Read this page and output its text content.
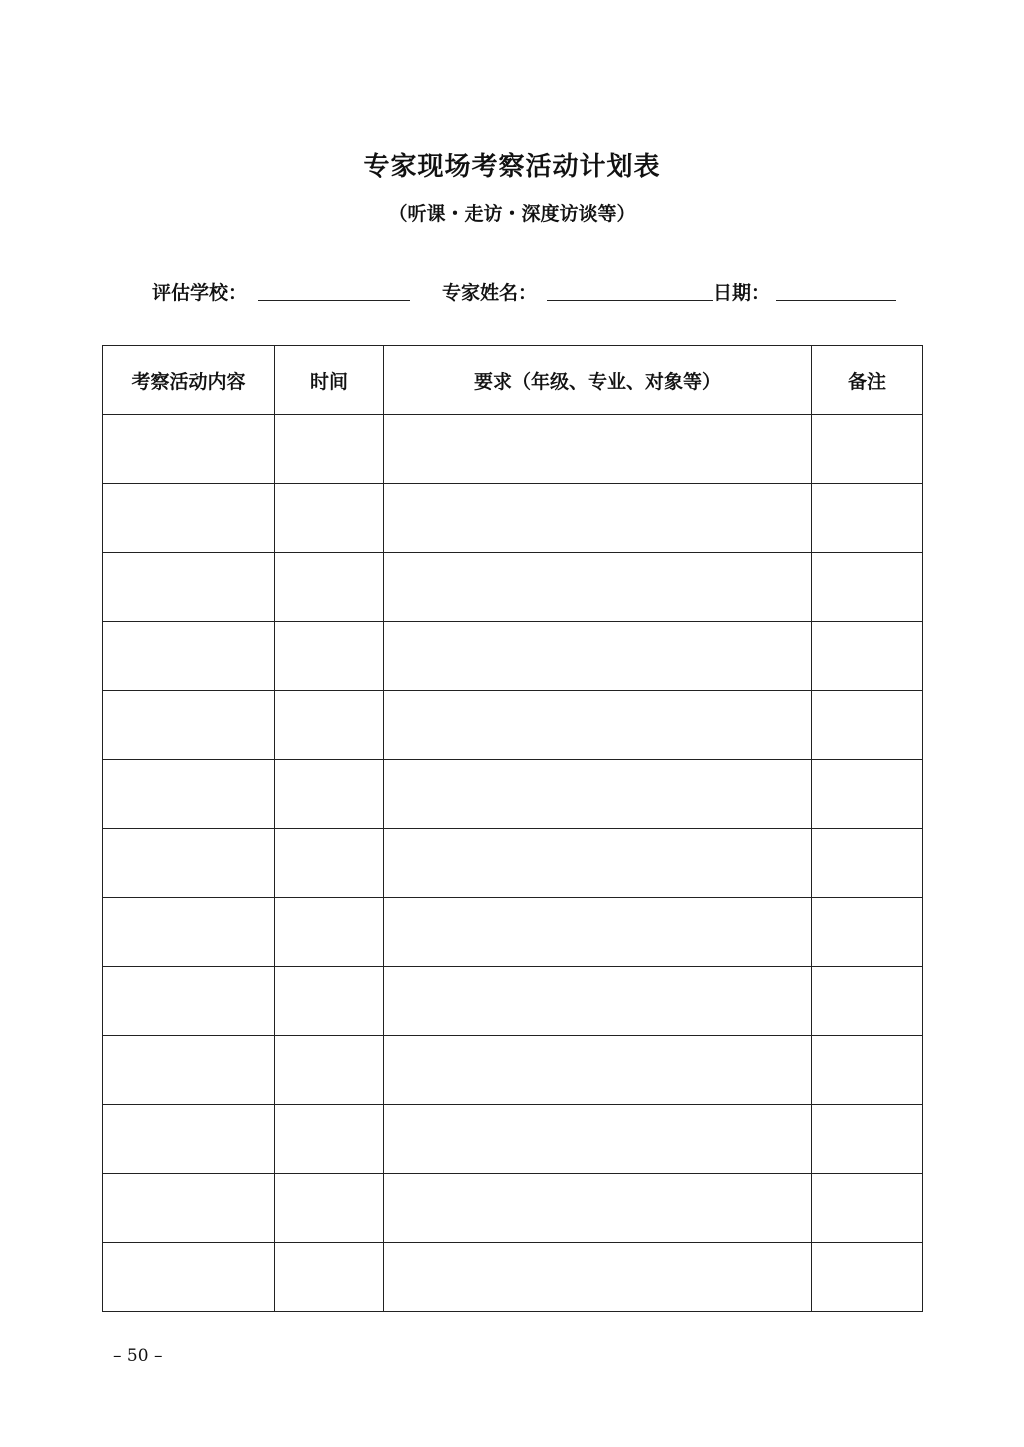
专家现场考察活动计划表
（听课・走访・深度访谈等）
评估学校：	专家姓名：	日期：
考察活动内容	时间	要求（年级、专业、对象等）	备注

– 50 –
